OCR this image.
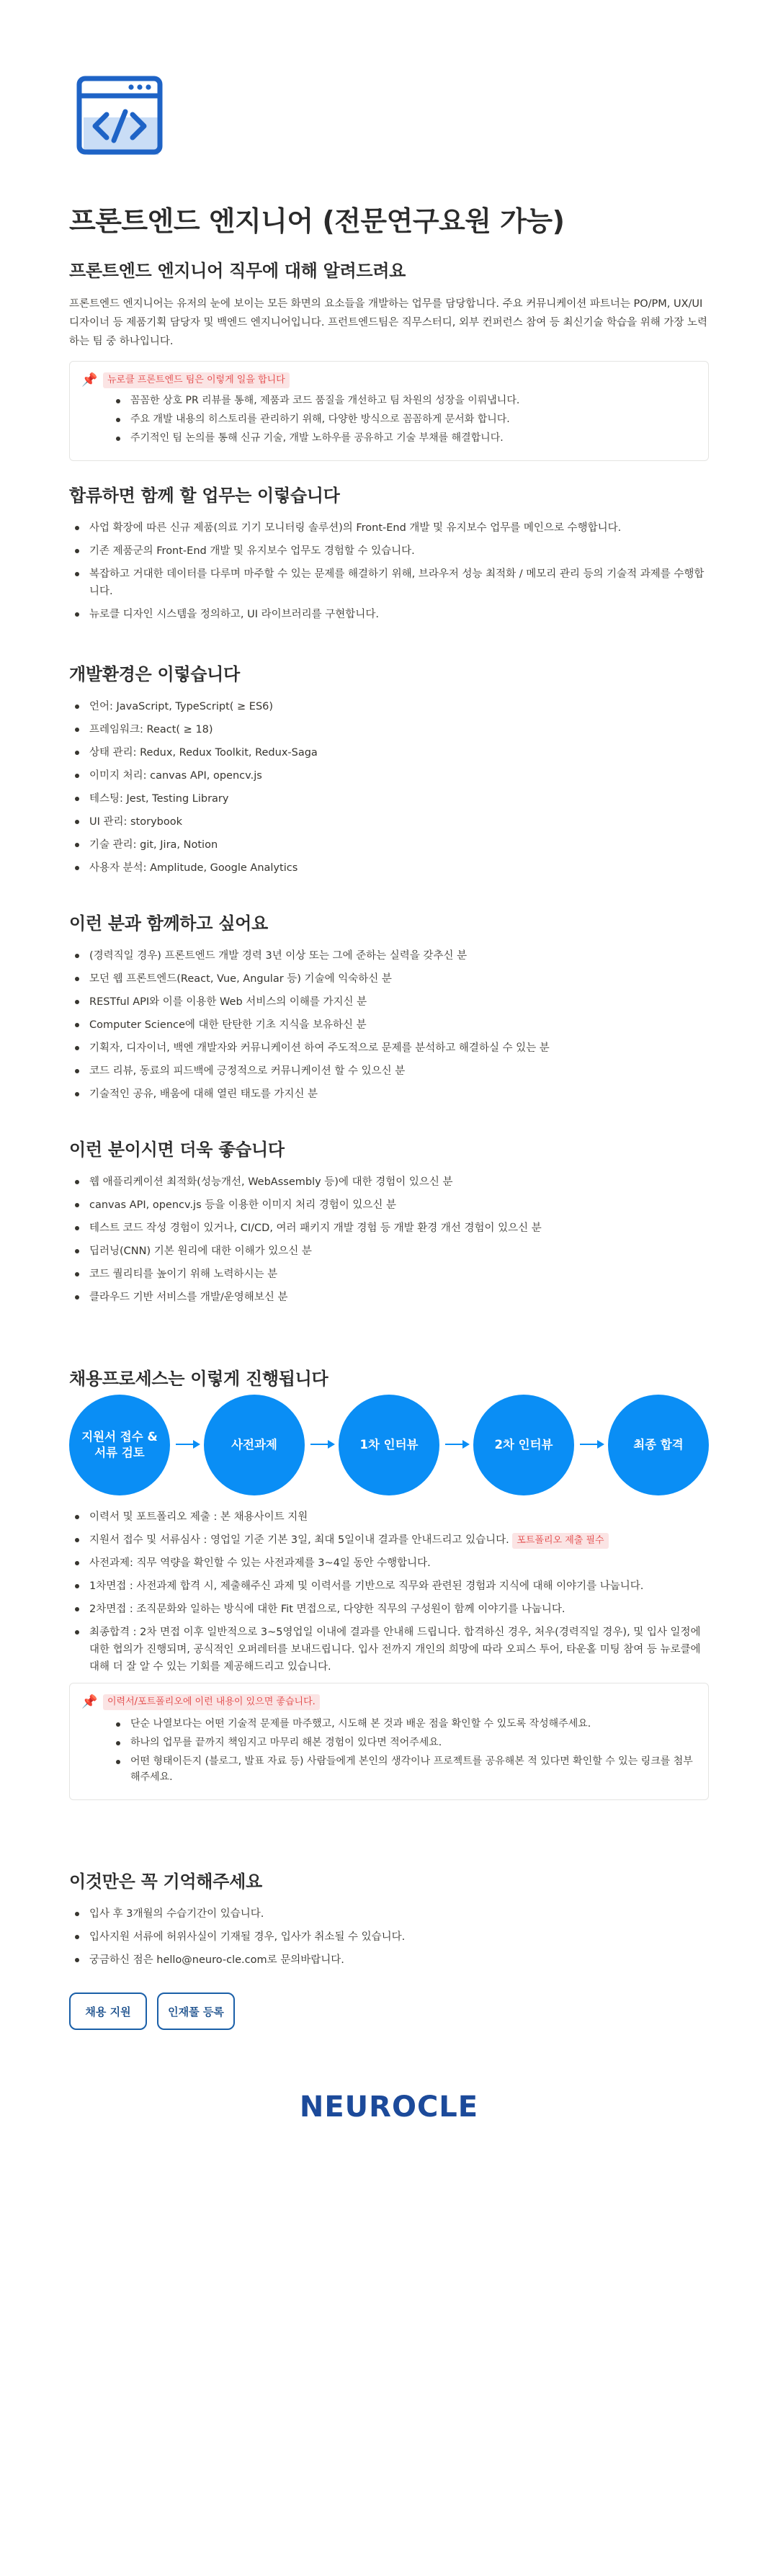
프론트엔드 엔지니어 (전문연구요원 가능)
프론트엔드 엔지니어 직무에 대해 알려드려요

프론트엔드 엔지니어는 유저의 눈에 보이는 모든 화면의 요소들을 개발하는 업무를 담당합니다. 주요 커뮤니케이션 파트너는 PO/PM, UX/UI 디자이너 등 제품기획 담당자 및 백엔드 엔지니어입니다. 프런트엔드팀은 직무스터디, 외부 컨퍼런스 참여 등 최신기술 학습을 위해 가장 노력하는 팀 중 하나입니다.

📌	뉴로클 프론트엔드 팀은 이렇게 일을 합니다
꼼꼼한 상호 PR 리뷰를 통해, 제품과 코드 품질을 개선하고 팀 차원의 성장을 이뤄냅니다.
주요 개발 내용의 히스토리를 관리하기 위해, 다양한 방식으로 꼼꼼하게 문서화 합니다.
주기적인 팀 논의를 통해 신규 기술, 개발 노하우를 공유하고 기술 부채를 해결합니다.
합류하면 함께 할 업무는 이렇습니다
사업 확장에 따른 신규 제품(의료 기기 모니터링 솔루션)의 Front-End 개발 및 유지보수 업무를 메인으로 수행합니다.
기존 제품군의 Front-End 개발 및 유지보수 업무도 경험할 수 있습니다.
복잡하고 거대한 데이터를 다루며 마주할 수 있는 문제를 해결하기 위해, 브라우저 성능 최적화 / 메모리 관리 등의 기술적 과제를 수행합니다.
뉴로클 디자인 시스템을 정의하고, UI 라이브러리를 구현합니다.
개발환경은 이렇습니다
언어: JavaScript, TypeScript( ≥ ES6)
프레임워크: React( ≥ 18)
상태 관리: Redux, Redux Toolkit, Redux-Saga
이미지 처리: canvas API, opencv.js
테스팅: Jest, Testing Library
UI 관리: storybook
기술 관리: git, Jira, Notion
사용자 분석: Amplitude, Google Analytics
이런 분과 함께하고 싶어요
(경력직일 경우) 프론트엔드 개발 경력 3년 이상 또는 그에 준하는 실력을 갖추신 분
모던 웹 프론트엔드(React, Vue, Angular 등) 기술에 익숙하신 분
RESTful API와 이를 이용한 Web 서비스의 이해를 가지신 분
Computer Science에 대한 탄탄한 기초 지식을 보유하신 분
기획자, 디자이너, 백엔 개발자와 커뮤니케이션 하여 주도적으로 문제를 분석하고 해결하실 수 있는 분
코드 리뷰, 동료의 피드백에 긍정적으로 커뮤니케이션 할 수 있으신 분
기술적인 공유, 배움에 대해 열린 태도를 가지신 분
이런 분이시면 더욱 좋습니다
웹 애플리케이션 최적화(성능개선, WebAssembly 등)에 대한 경험이 있으신 분
canvas API, opencv.js 등을 이용한 이미지 처리 경험이 있으신 분
테스트 코드 작성 경험이 있거나, CI/CD, 여러 패키지 개발 경험 등 개발 환경 개선 경험이 있으신 분
딥러닝(CNN) 기본 원리에 대한 이해가 있으신 분
코드 퀄리티를 높이기 위해 노력하시는 분
클라우드 기반 서비스를 개발/운영해보신 분
채용프로세스는 이렇게 진행됩니다
지원서 접수 &
서류 검토
사전과제	1차 인터뷰	2차 인터뷰	최종 합격
이력서 및 포트폴리오 제출 : 본 채용사이트 지원
지원서 접수 및 서류심사 : 영업일 기준 기본 3일, 최대 5일이내 결과를 안내드리고 있습니다. 포트폴리오 제출 필수
사전과제: 직무 역량을 확인할 수 있는 사전과제를 3~4일 동안 수행합니다.
1차면접 : 사전과제 합격 시, 제출해주신 과제 및 이력서를 기반으로 직무와 관련된 경험과 지식에 대해 이야기를 나눕니다.
2차면접 : 조직문화와 일하는 방식에 대한 Fit 면접으로, 다양한 직무의 구성원이 함께 이야기를 나눕니다.
최종합격 : 2차 면접 이후 일반적으로 3~5영업일 이내에 결과를 안내해 드립니다. 합격하신 경우, 처우(경력직일 경우), 및 입사 일정에 대한 협의가 진행되며, 공식적인 오퍼레터를 보내드립니다. 입사 전까지 개인의 희망에 따라 오피스 투어, 타운홀 미팅 참여 등 뉴로클에 대해 더 잘 알 수 있는 기회를 제공해드리고 있습니다.
📌	이력서/포트폴리오에 이런 내용이 있으면 좋습니다.
단순 나열보다는 어떤 기술적 문제를 마주했고, 시도해 본 것과 배운 점을 확인할 수 있도록 작성해주세요.
하나의 업무를 끝까지 책임지고 마무리 해본 경험이 있다면 적어주세요.
어떤 형태이든지 (블로그, 발표 자료 등) 사람들에게 본인의 생각이나 프로젝트를 공유해본 적 있다면 확인할 수 있는 링크를 첨부해주세요.
이것만은 꼭 기억해주세요
입사 후 3개월의 수습기간이 있습니다.
입사지원 서류에 허위사실이 기재될 경우, 입사가 취소될 수 있습니다.
궁금하신 점은 hello@neuro-cle.com로 문의바랍니다.
채용 지원	인재풀 등록
NEUROCLE
